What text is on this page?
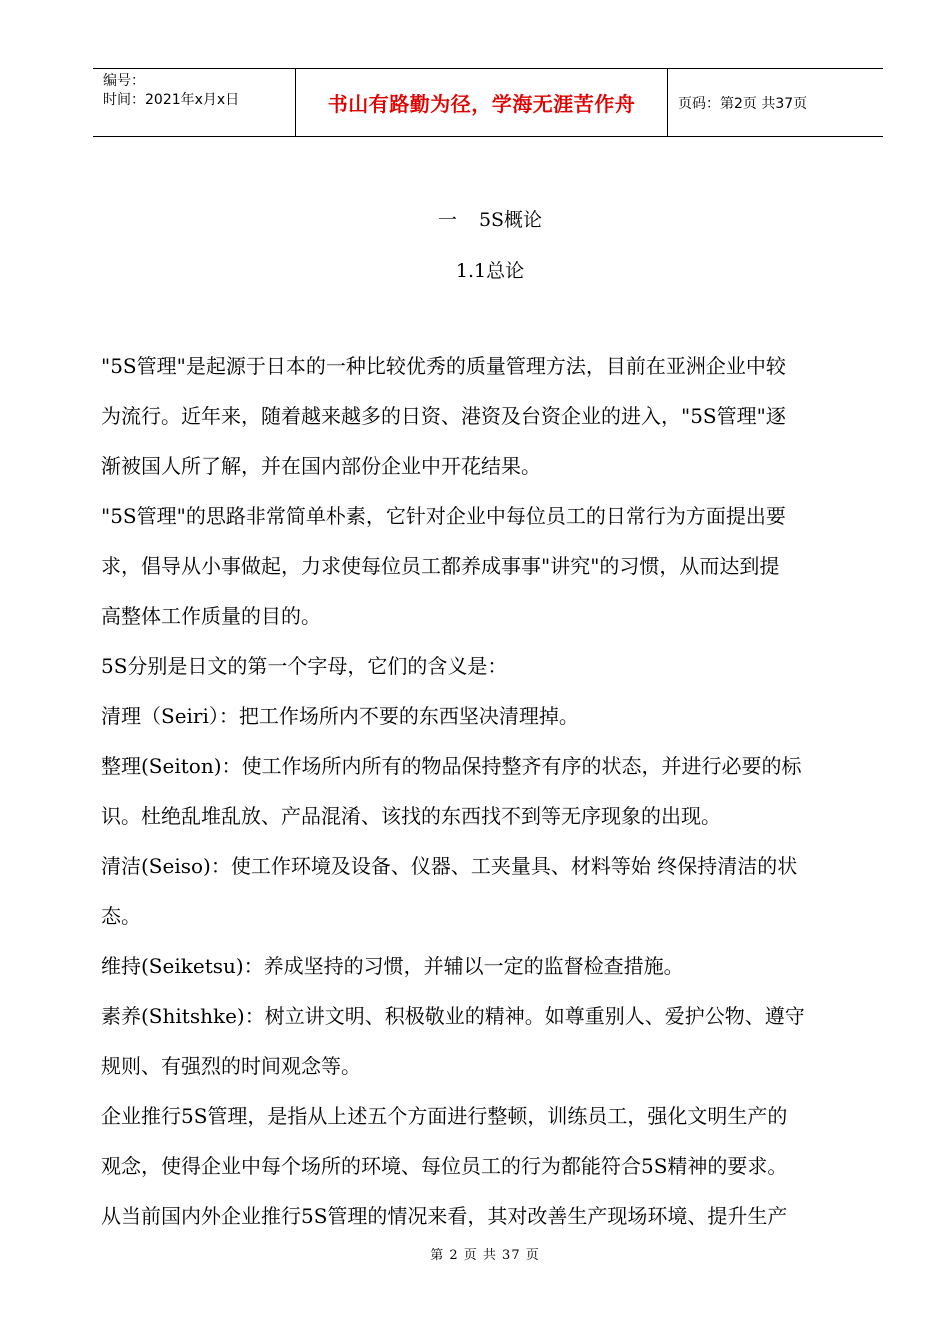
编号：
时间：2021年x月x日	书山有路勤为径，学海无涯苦作舟	页码：第2页 共37页
一 5S概论
1.1总论
"5S管理"是起源于日本的一种比较优秀的质量管理方法，目前在亚洲企业中较
为流行。近年来，随着越来越多的日资、港资及台资企业的进入，"5S管理"逐
渐被国人所了解，并在国内部份企业中开花结果。
"5S管理"的思路非常简单朴素，它针对企业中每位员工的日常行为方面提出要
求，倡导从小事做起，力求使每位员工都养成事事"讲究"的习惯，从而达到提
高整体工作质量的目的。
5S分别是日文的第一个字母，它们的含义是：
清理（Seiri）：把工作场所内不要的东西坚决清理掉。
整理(Seiton)：使工作场所内所有的物品保持整齐有序的状态，并进行必要的标
识。杜绝乱堆乱放、产品混淆、该找的东西找不到等无序现象的出现。
清洁(Seiso)：使工作环境及设备、仪器、工夹量具、材料等始 终保持清洁的状
态。
维持(Seiketsu)：养成坚持的习惯，并辅以一定的监督检查措施。
素养(Shitshke)：树立讲文明、积极敬业的精神。如尊重别人、爱护公物、遵守
规则、有强烈的时间观念等。
企业推行5S管理，是指从上述五个方面进行整顿，训练员工，强化文明生产的
观念，使得企业中每个场所的环境、每位员工的行为都能符合5S精神的要求。
从当前国内外企业推行5S管理的情况来看，其对改善生产现场环境、提升生产
第 2 页 共 37 页
